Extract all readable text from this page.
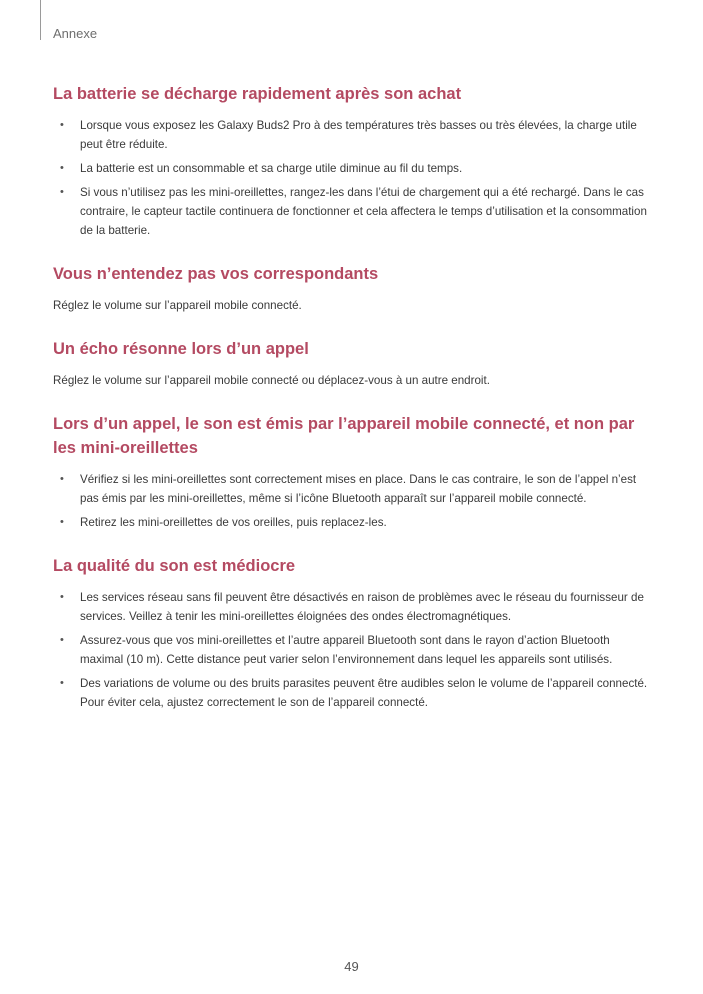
Annexe
La batterie se décharge rapidement après son achat
• Lorsque vous exposez les Galaxy Buds2 Pro à des températures très basses ou très élevées, la charge utile peut être réduite.
• La batterie est un consommable et sa charge utile diminue au fil du temps.
• Si vous n’utilisez pas les mini-oreillettes, rangez-les dans l’étui de chargement qui a été rechargé. Dans le cas contraire, le capteur tactile continuera de fonctionner et cela affectera le temps d’utilisation et la consommation de la batterie.
Vous n’entendez pas vos correspondants

Réglez le volume sur l’appareil mobile connecté.

Un écho résonne lors d’un appel

Réglez le volume sur l’appareil mobile connecté ou déplacez-vous à un autre endroit.

Lors d’un appel, le son est émis par l’appareil mobile connecté, et non par les mini-oreillettes
• Vérifiez si les mini-oreillettes sont correctement mises en place. Dans le cas contraire, le son de l’appel n’est pas émis par les mini-oreillettes, même si l’icône Bluetooth apparaît sur l’appareil mobile connecté.
• Retirez les mini-oreillettes de vos oreilles, puis replacez-les.
La qualité du son est médiocre
• Les services réseau sans fil peuvent être désactivés en raison de problèmes avec le réseau du fournisseur de services. Veillez à tenir les mini-oreillettes éloignées des ondes électromagnétiques.
• Assurez-vous que vos mini-oreillettes et l’autre appareil Bluetooth sont dans le rayon d’action Bluetooth maximal (10 m). Cette distance peut varier selon l’environnement dans lequel les appareils sont utilisés.
• Des variations de volume ou des bruits parasites peuvent être audibles selon le volume de l’appareil connecté. Pour éviter cela, ajustez correctement le son de l’appareil connecté.
49
